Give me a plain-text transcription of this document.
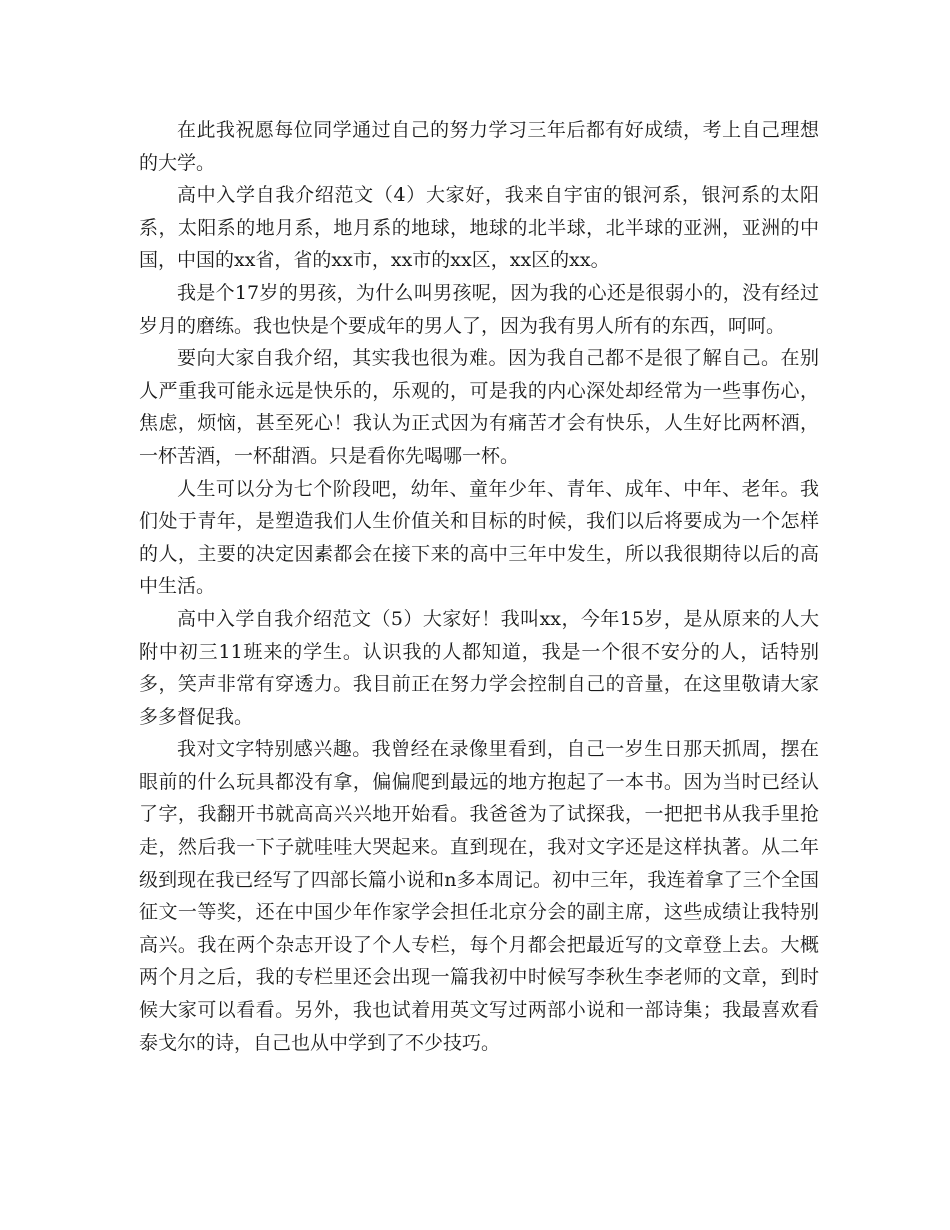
在此我祝愿每位同学通过自己的努力学习三年后都有好成绩，考上自己理想的大学。

高中入学自我介绍范文（4）大家好，我来自宇宙的银河系，银河系的太阳系，太阳系的地月系，地月系的地球，地球的北半球，北半球的亚洲，亚洲的中国，中国的xx省，省的xx市，xx市的xx区，xx区的xx。

我是个17岁的男孩，为什么叫男孩呢，因为我的心还是很弱小的，没有经过岁月的磨练。我也快是个要成年的男人了，因为我有男人所有的东西，呵呵。

要向大家自我介绍，其实我也很为难。因为我自己都不是很了解自己。在别人严重我可能永远是快乐的，乐观的，可是我的内心深处却经常为一些事伤心，焦虑，烦恼，甚至死心！我认为正式因为有痛苦才会有快乐，人生好比两杯酒，一杯苦酒，一杯甜酒。只是看你先喝哪一杯。

人生可以分为七个阶段吧，幼年、童年少年、青年、成年、中年、老年。我们处于青年，是塑造我们人生价值关和目标的时候，我们以后将要成为一个怎样的人，主要的决定因素都会在接下来的高中三年中发生，所以我很期待以后的高中生活。

高中入学自我介绍范文（5）大家好！我叫xx，今年15岁，是从原来的人大附中初三11班来的学生。认识我的人都知道，我是一个很不安分的人，话特别多，笑声非常有穿透力。我目前正在努力学会控制自己的音量，在这里敬请大家多多督促我。

我对文字特别感兴趣。我曾经在录像里看到，自己一岁生日那天抓周，摆在眼前的什么玩具都没有拿，偏偏爬到最远的地方抱起了一本书。因为当时已经认了字，我翻开书就高高兴兴地开始看。我爸爸为了试探我，一把把书从我手里抢走，然后我一下子就哇哇大哭起来。直到现在，我对文字还是这样执著。从二年级到现在我已经写了四部长篇小说和n多本周记。初中三年，我连着拿了三个全国征文一等奖，还在中国少年作家学会担任北京分会的副主席，这些成绩让我特别高兴。我在两个杂志开设了个人专栏，每个月都会把最近写的文章登上去。大概两个月之后，我的专栏里还会出现一篇我初中时候写李秋生李老师的文章，到时候大家可以看看。另外，我也试着用英文写过两部小说和一部诗集；我最喜欢看泰戈尔的诗，自己也从中学到了不少技巧。
